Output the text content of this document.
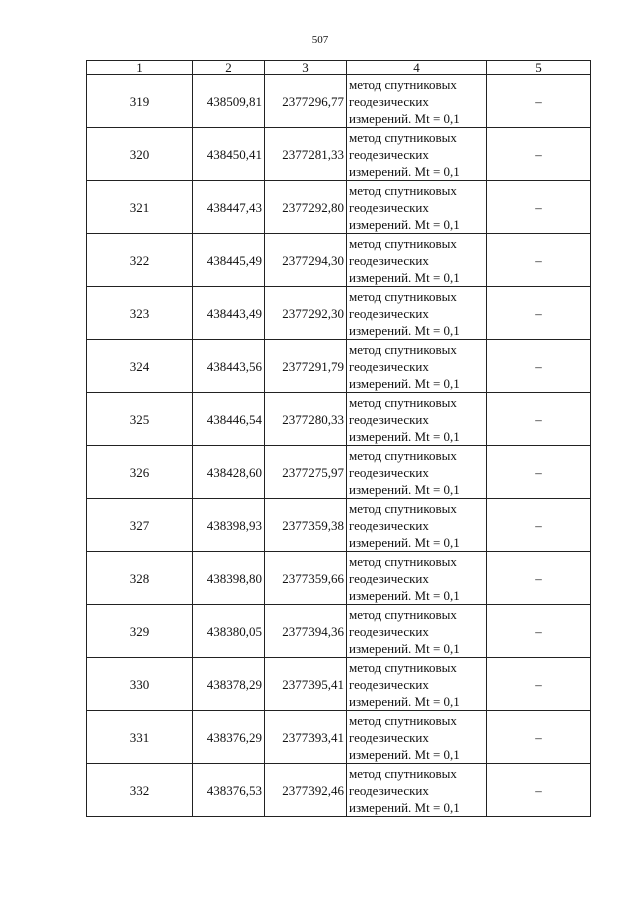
507
1	2	3	4	5
319	438509,81	2377296,77	метод спутниковых
геодезических
измерений. Mt = 0,1	–
320	438450,41	2377281,33	метод спутниковых
геодезических
измерений. Mt = 0,1	–
321	438447,43	2377292,80	метод спутниковых
геодезических
измерений. Mt = 0,1	–
322	438445,49	2377294,30	метод спутниковых
геодезических
измерений. Mt = 0,1	–
323	438443,49	2377292,30	метод спутниковых
геодезических
измерений. Mt = 0,1	–
324	438443,56	2377291,79	метод спутниковых
геодезических
измерений. Mt = 0,1	–
325	438446,54	2377280,33	метод спутниковых
геодезических
измерений. Mt = 0,1	–
326	438428,60	2377275,97	метод спутниковых
геодезических
измерений. Mt = 0,1	–
327	438398,93	2377359,38	метод спутниковых
геодезических
измерений. Mt = 0,1	–
328	438398,80	2377359,66	метод спутниковых
геодезических
измерений. Mt = 0,1	–
329	438380,05	2377394,36	метод спутниковых
геодезических
измерений. Mt = 0,1	–
330	438378,29	2377395,41	метод спутниковых
геодезических
измерений. Mt = 0,1	–
331	438376,29	2377393,41	метод спутниковых
геодезических
измерений. Mt = 0,1	–
332	438376,53	2377392,46	метод спутниковых
геодезических
измерений. Mt = 0,1	–
